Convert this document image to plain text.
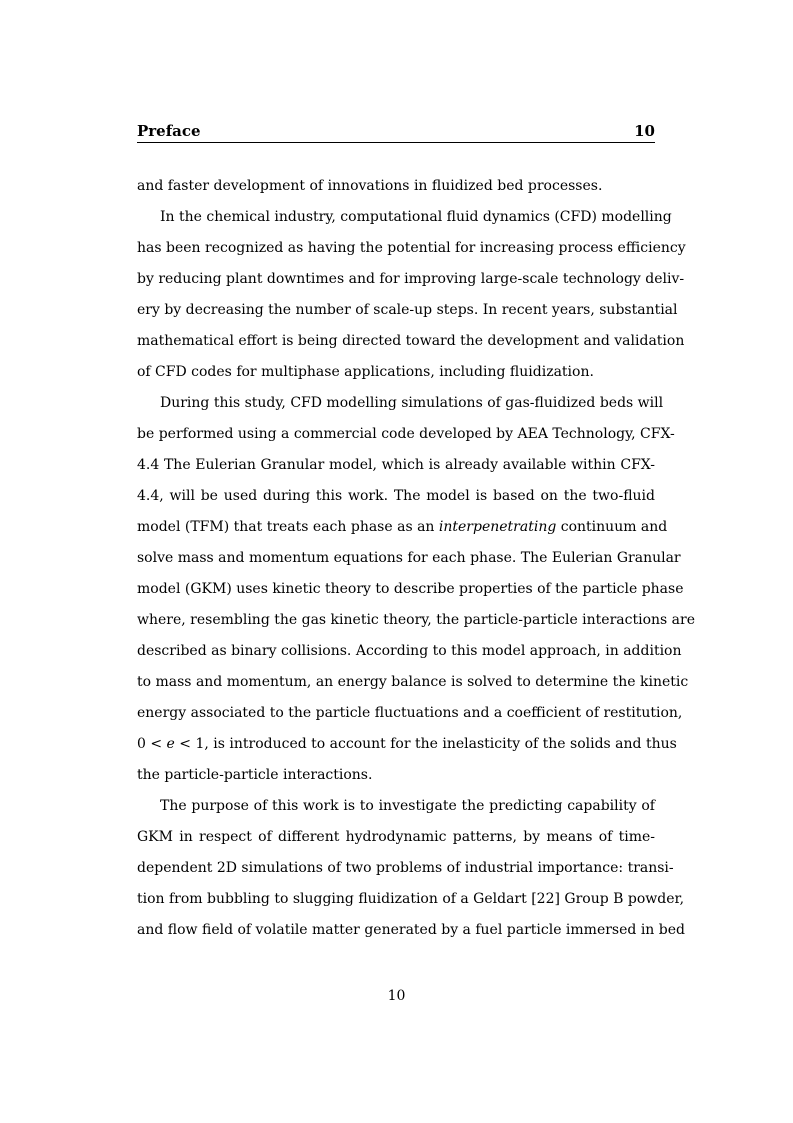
Preface	10
and faster development of innovations in fluidized bed processes.
In the chemical industry, computational fluid dynamics (CFD) modelling
has been recognized as having the potential for increasing process efficiency
by reducing plant downtimes and for improving large-scale technology deliv-
ery by decreasing the number of scale-up steps. In recent years, substantial
mathematical effort is being directed toward the development and validation
of CFD codes for multiphase applications, including fluidization.
During this study, CFD modelling simulations of gas-fluidized beds will
be performed using a commercial code developed by AEA Technology, CFX-
4.4 The Eulerian Granular model, which is already available within CFX-
4.4, will be used during this work. The model is based on the two-fluid
model (TFM) that treats each phase as an interpenetrating continuum and
solve mass and momentum equations for each phase. The Eulerian Granular
model (GKM) uses kinetic theory to describe properties of the particle phase
where, resembling the gas kinetic theory, the particle-particle interactions are
described as binary collisions. According to this model approach, in addition
to mass and momentum, an energy balance is solved to determine the kinetic
energy associated to the particle fluctuations and a coefficient of restitution,
0 < e < 1, is introduced to account for the inelasticity of the solids and thus
the particle-particle interactions.
The purpose of this work is to investigate the predicting capability of
GKM in respect of different hydrodynamic patterns, by means of time-
dependent 2D simulations of two problems of industrial importance: transi-
tion from bubbling to slugging fluidization of a Geldart [22] Group B powder,
and flow field of volatile matter generated by a fuel particle immersed in bed
10
